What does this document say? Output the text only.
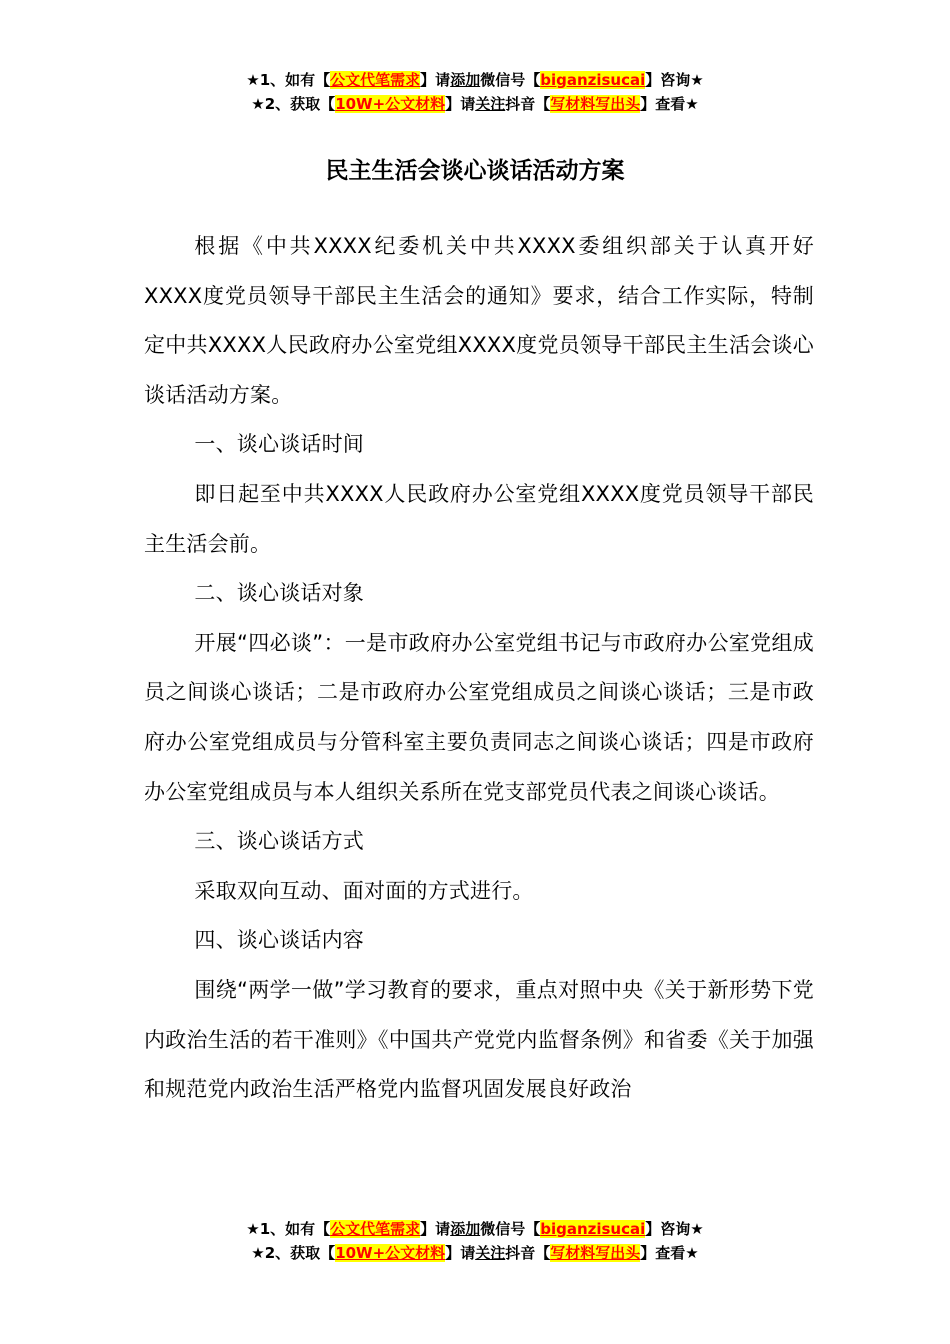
★1、如有【公文代笔需求】请添加微信号【biganzisucai】咨询★
★2、获取【10W+公文材料】请关注抖音【写材料写出头】查看★
民主生活会谈心谈话活动方案

根据《中共XXXX纪委机关中共XXXX委组织部关于认真开好XXXX度党员领导干部民主生活会的通知》要求，结合工作实际，特制定中共XXXX人民政府办公室党组XXXX度党员领导干部民主生活会谈心谈话活动方案。

一、谈心谈话时间

即日起至中共XXXX人民政府办公室党组XXXX度党员领导干部民主生活会前。

二、谈心谈话对象

开展“四必谈”：一是市政府办公室党组书记与市政府办公室党组成员之间谈心谈话；二是市政府办公室党组成员之间谈心谈话；三是市政府办公室党组成员与分管科室主要负责同志之间谈心谈话；四是市政府办公室党组成员与本人组织关系所在党支部党员代表之间谈心谈话。

三、谈心谈话方式

采取双向互动、面对面的方式进行。

四、谈心谈话内容

围绕“两学一做”学习教育的要求，重点对照中央《关于新形势下党内政治生活的若干准则》《中国共产党党内监督条例》和省委《关于加强和规范党内政治生活严格党内监督巩固发展良好政治

★1、如有【公文代笔需求】请添加微信号【biganzisucai】咨询★
★2、获取【10W+公文材料】请关注抖音【写材料写出头】查看★
